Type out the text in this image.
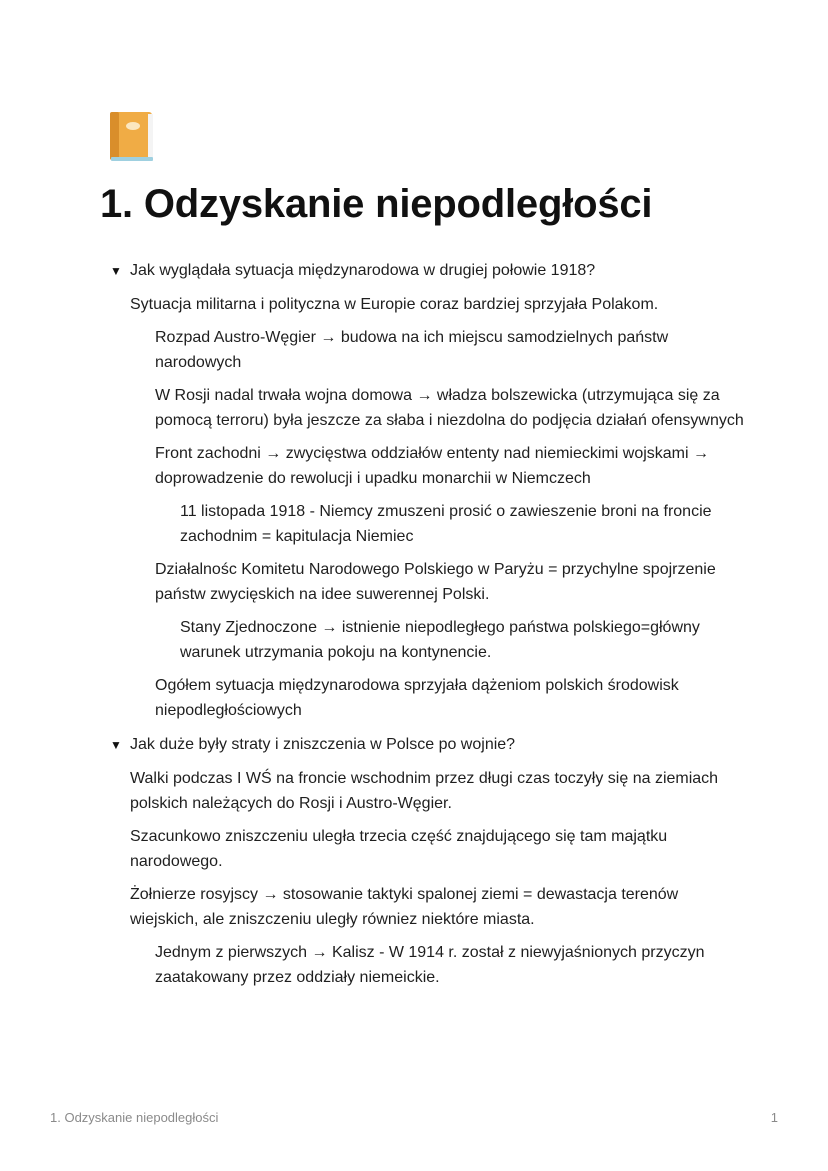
1. Odzyskanie niepodległości
▼ Jak wyglądała sytuacja międzynarodowa w drugiej połowie 1918?

Sytuacja militarna i polityczna w Europie coraz bardziej sprzyjała Polakom.

Rozpad Austro-Węgier → budowa na ich miejscu samodzielnych państw narodowych

W Rosji nadal trwała wojna domowa → władza bolszewicka (utrzymująca się za pomocą terroru) była jeszcze za słaba i niezdolna do podjęcia działań ofensywnych

Front zachodni → zwycięstwa oddziałów ententy nad niemieckimi wojskami → doprowadzenie do rewolucji i upadku monarchii w Niemczech

11 listopada 1918 - Niemcy zmuszeni prosić o zawieszenie broni na froncie zachodnim = kapitulacja Niemiec

Działalnośc Komitetu Narodowego Polskiego w Paryżu = przychylne spojrzenie państw zwycięskich na idee suwerennej Polski.

Stany Zjednoczone → istnienie niepodległego państwa polskiego=główny warunek utrzymania pokoju na kontynencie.

Ogółem sytuacja międzynarodowa sprzyjała dążeniom polskich środowisk niepodległościowych

▼ Jak duże były straty i zniszczenia w Polsce po wojnie?

Walki podczas I WŚ na froncie wschodnim przez długi czas toczyły się na ziemiach polskich należących do Rosji i Austro-Węgier.

Szacunkowo zniszczeniu uległa trzecia część znajdującego się tam majątku narodowego.

Żołnierze rosyjscy → stosowanie taktyki spalonej ziemi = dewastacja terenów wiejskich, ale zniszczeniu uległy równiez niektóre miasta.

Jednym z pierwszych → Kalisz - W 1914 r. został z niewyjaśnionych przyczyn zaatakowany przez oddziały niemeickie.

1. Odzyskanie niepodległości	1
